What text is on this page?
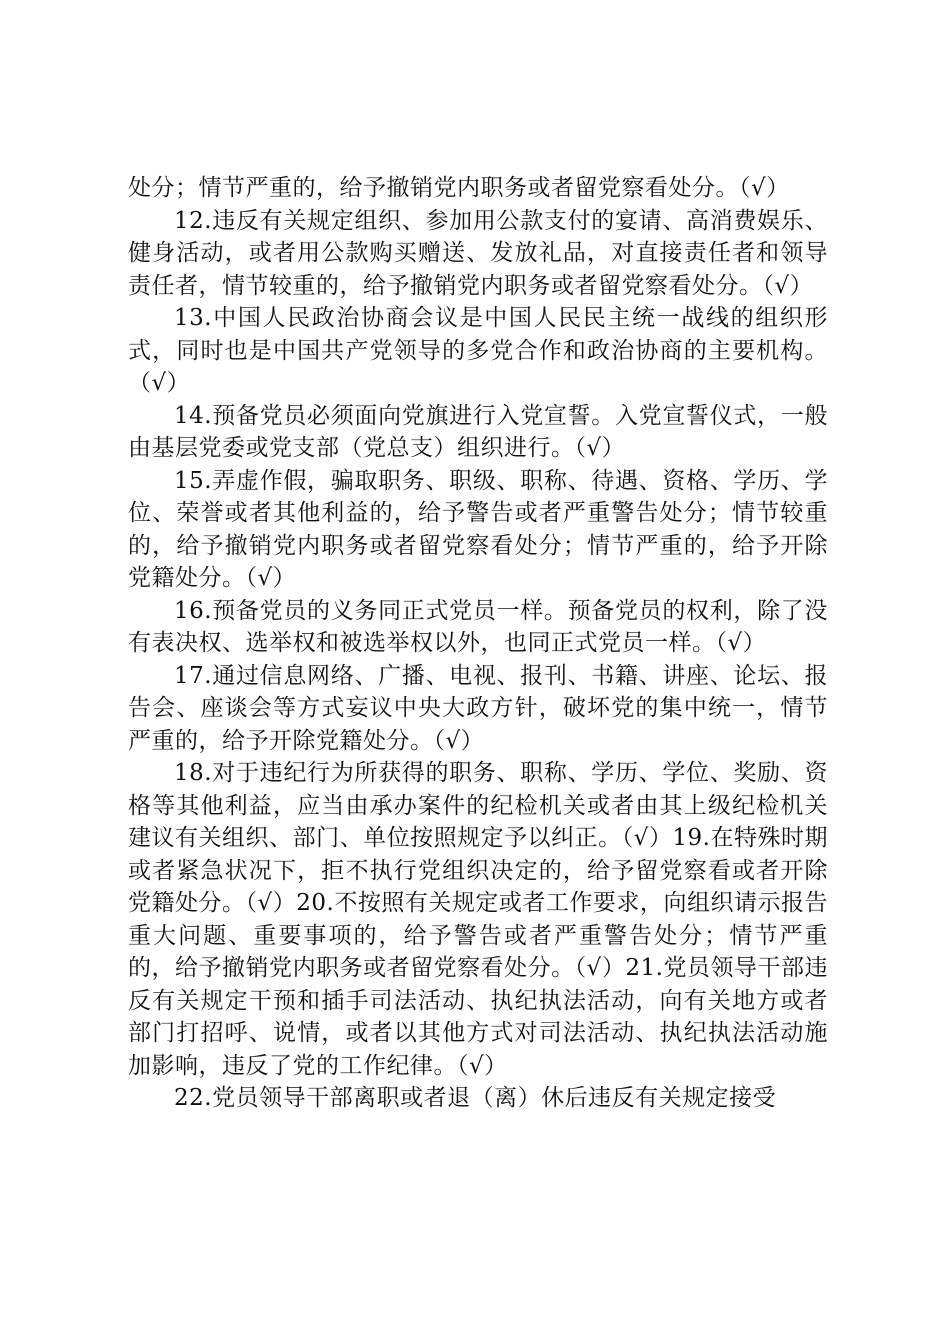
处分；情节严重的，给予撤销党内职务或者留党察看处分。（√）

12.违反有关规定组织、参加用公款支付的宴请、高消费娱乐、健身活动，或者用公款购买赠送、发放礼品，对直接责任者和领导责任者，情节较重的，给予撤销党内职务或者留党察看处分。（√）

13.中国人民政治协商会议是中国人民民主统一战线的组织形式，同时也是中国共产党领导的多党合作和政治协商的主要机构。（√）

14.预备党员必须面向党旗进行入党宣誓。入党宣誓仪式，一般由基层党委或党支部（党总支）组织进行。（√）

15.弄虚作假，骗取职务、职级、职称、待遇、资格、学历、学位、荣誉或者其他利益的，给予警告或者严重警告处分；情节较重的，给予撤销党内职务或者留党察看处分；情节严重的，给予开除党籍处分。（√）

16.预备党员的义务同正式党员一样。预备党员的权利，除了没有表决权、选举权和被选举权以外，也同正式党员一样。（√）

17.通过信息网络、广播、电视、报刊、书籍、讲座、论坛、报告会、座谈会等方式妄议中央大政方针，破坏党的集中统一，情节严重的，给予开除党籍处分。（√）

18.对于违纪行为所获得的职务、职称、学历、学位、奖励、资格等其他利益，应当由承办案件的纪检机关或者由其上级纪检机关建议有关组织、部门、单位按照规定予以纠正。（√）19.在特殊时期或者紧急状况下，拒不执行党组织决定的，给予留党察看或者开除党籍处分。（√）20.不按照有关规定或者工作要求，向组织请示报告重大问题、重要事项的，给予警告或者严重警告处分；情节严重的，给予撤销党内职务或者留党察看处分。（√）21.党员领导干部违反有关规定干预和插手司法活动、执纪执法活动，向有关地方或者部门打招呼、说情，或者以其他方式对司法活动、执纪执法活动施加影响，违反了党的工作纪律。（√）

22.党员领导干部离职或者退（离）休后违反有关规定接受
